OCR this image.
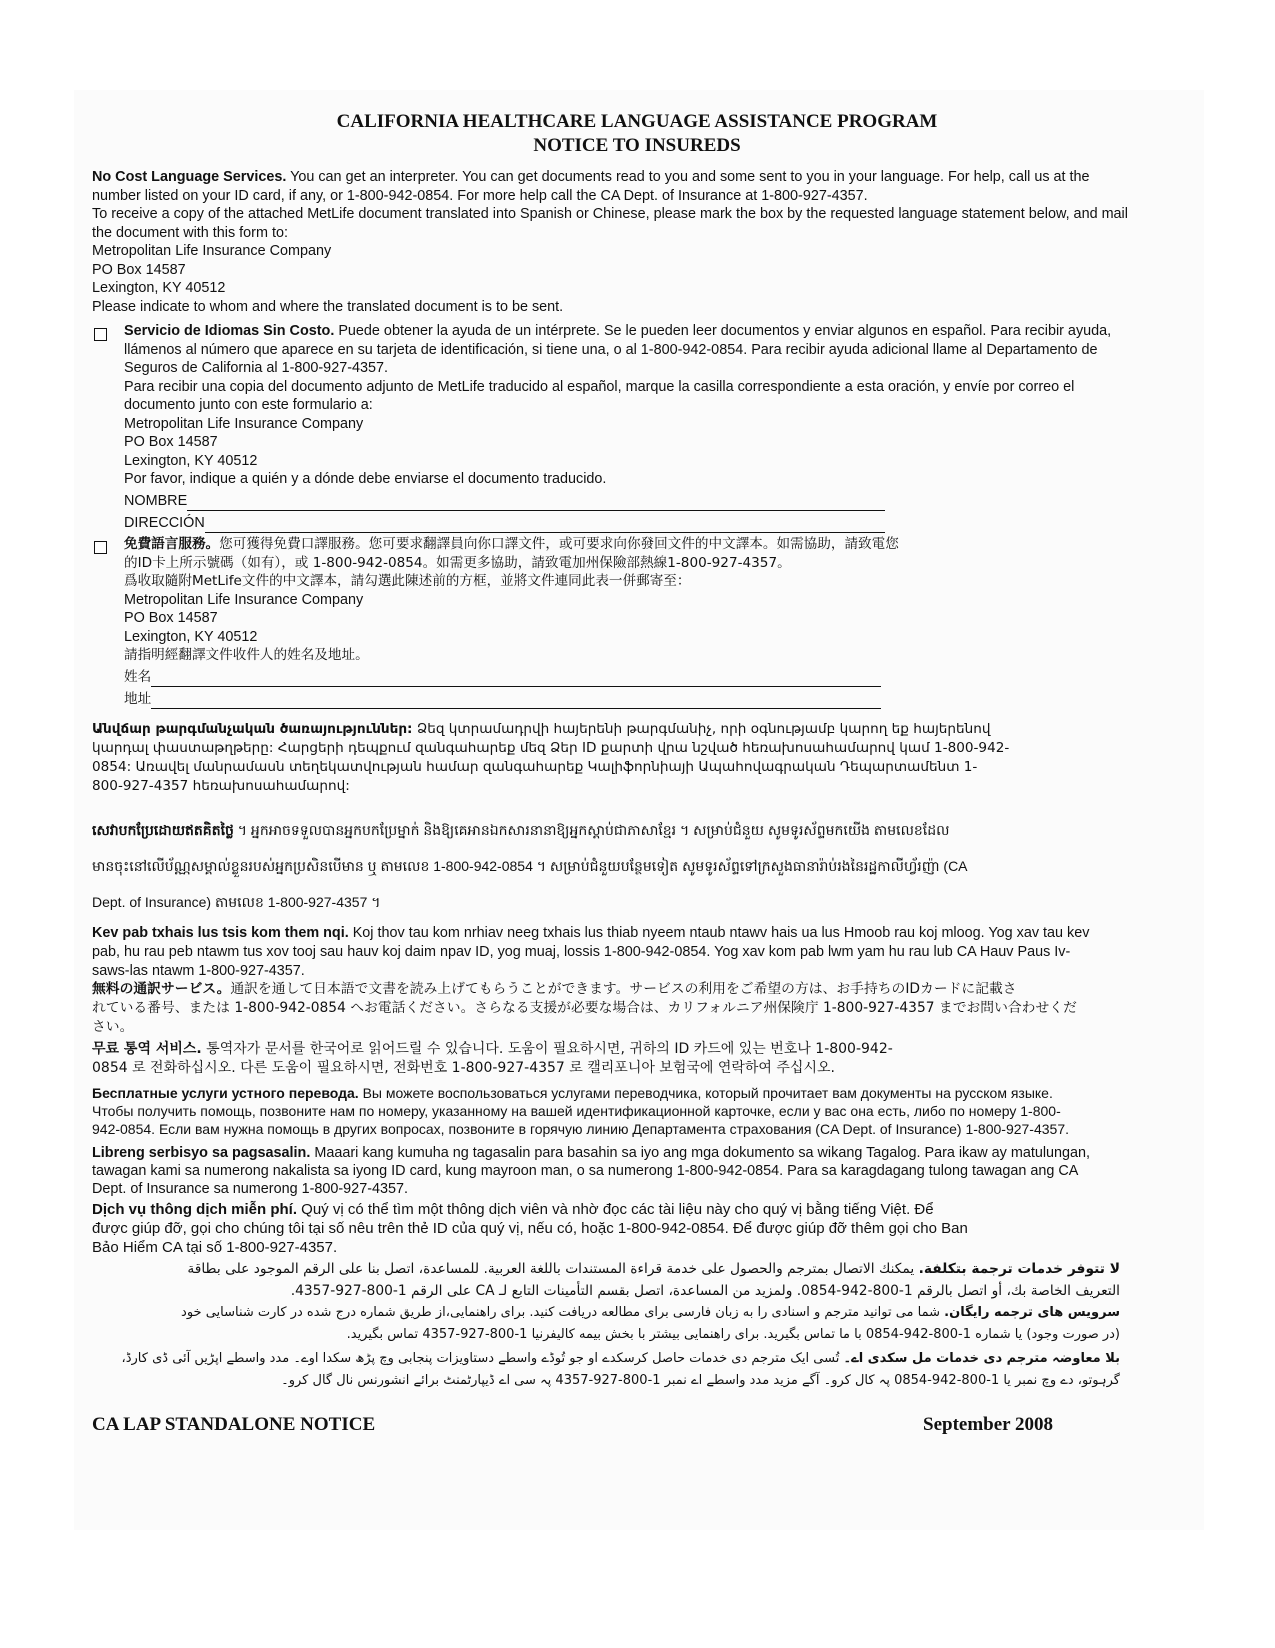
CALIFORNIA HEALTHCARE LANGUAGE ASSISTANCE PROGRAM
NOTICE TO INSUREDS
No Cost Language Services. You can get an interpreter. You can get documents read to you and some sent to you in your language. For help, call us at the
number listed on your ID card, if any, or 1-800-942-0854. For more help call the CA Dept. of Insurance at 1-800-927-4357.
To receive a copy of the attached MetLife document translated into Spanish or Chinese, please mark the box by the requested language statement below, and mail
the document with this form to:
Metropolitan Life Insurance Company
PO Box 14587
Lexington, KY 40512
Please indicate to whom and where the translated document is to be sent.
Servicio de Idiomas Sin Costo. Puede obtener la ayuda de un intérprete. Se le pueden leer documentos y enviar algunos en español. Para recibir ayuda,
llámenos al número que aparece en su tarjeta de identificación, si tiene una, o al 1-800-942-0854. Para recibir ayuda adicional llame al Departamento de
Seguros de California al 1-800-927-4357.
Para recibir una copia del documento adjunto de MetLife traducido al español, marque la casilla correspondiente a esta oración, y envíe por correo el
documento junto con este formulario a:
Metropolitan Life Insurance Company
PO Box 14587
Lexington, KY 40512
Por favor, indique a quién y a dónde debe enviarse el documento traducido.
NOMBRE
DIRECCIÓN
免費語言服務。您可獲得免費口譯服務。您可要求翻譯員向你口譯文件，或可要求向你發回文件的中文譯本。如需協助，請致電您
的ID卡上所示號碼（如有），或 1-800-942-0854。如需更多協助，請致電加州保險部熱線1-800-927-4357。
爲收取隨附MetLife文件的中文譯本，請勾選此陳述前的方框，並將文件連同此表一併郵寄至：
Metropolitan Life Insurance Company
PO Box 14587
Lexington, KY 40512
請指明經翻譯文件收件人的姓名及地址。
姓名
地址
Անվճար թարգմանչական ծառայություններ: Ձեզ կտրամադրվի հայերենի թարգմանիչ, որի օգնությամբ կարող եք հայերենով
կարդալ փաստաթղթերը: Հարցերի դեպքում զանգահարեք մեզ Ձեր ID քարտի վրա նշված հեռախոսահամարով կամ 1-800-942-
0854: Առավել մանրամասն տեղեկատվության համար զանգահարեք Կալիֆորնիայի Ապահովագրական Դեպարտամենտ 1-
800-927-4357 հեռախոսահամարով:
សេវាបកប្រែដោយឥតគិតថ្លៃ ។ អ្នកអាចទទួលបានអ្នកបកប្រែម្នាក់ និងឱ្យគេអានឯកសារនានាឱ្យអ្នកស្តាប់ជាភាសាខ្មែរ ។ សម្រាប់ជំនួយ សូមទូរស័ព្ទមកយើង តាមលេខដែល
មានចុះនៅលើប័ណ្ណសម្គាល់ខ្លួនរបស់អ្នកប្រសិនបើមាន ឬ តាមលេខ 1-800-942-0854 ។ សម្រាប់ជំនួយបន្ថែមទៀត សូមទូរស័ព្ទទៅក្រសួងធានារ៉ាប់រងនៃរដ្ឋកាលីហ្វ័រញ៉ា (CA
Dept. of Insurance) តាមលេខ 1-800-927-4357 ។
Kev pab txhais lus tsis kom them nqi. Koj thov tau kom nrhiav neeg txhais lus thiab nyeem ntaub ntawv hais ua lus Hmoob rau koj mloog. Yog xav tau kev
pab, hu rau peb ntawm tus xov tooj sau hauv koj daim npav ID, yog muaj, lossis 1-800-942-0854. Yog xav kom pab lwm yam hu rau lub CA Hauv Paus Iv-
saws-las ntawm 1-800-927-4357.
無料の通訳サービス。通訳を通して日本語で文書を読み上げてもらうことができます。サービスの利用をご希望の方は、お手持ちのIDカードに記載さ
れている番号、または 1-800-942-0854 へお電話ください。さらなる支援が必要な場合は、カリフォルニア州保険庁 1-800-927-4357 までお問い合わせくだ
さい。
무료 통역 서비스. 통역자가 문서를 한국어로 읽어드릴 수 있습니다. 도움이 필요하시면, 귀하의 ID 카드에 있는 번호나 1-800-942-
0854 로 전화하십시오. 다른 도움이 필요하시면, 전화번호 1-800-927-4357 로 캘리포니아 보험국에 연락하여 주십시오.
Бесплатные услуги устного перевода. Вы можете воспользоваться услугами переводчика, который прочитает вам документы на русском языке.
Чтобы получить помощь, позвоните нам по номеру, указанному на вашей идентификационной карточке, если у вас она есть, либо по номеру 1-800-
942-0854. Если вам нужна помощь в других вопросах, позвоните в горячую линию Департамента страхования (CA Dept. of Insurance) 1-800-927-4357.
Libreng serbisyo sa pagsasalin. Maaari kang kumuha ng tagasalin para basahin sa iyo ang mga dokumento sa wikang Tagalog. Para ikaw ay matulungan,
tawagan kami sa numerong nakalista sa iyong ID card, kung mayroon man, o sa numerong 1-800-942-0854. Para sa karagdagang tulong tawagan ang CA
Dept. of Insurance sa numerong 1-800-927-4357.
Dịch vụ thông dịch miễn phí. Quý vị có thể tìm một thông dịch viên và nhờ đọc các tài liệu này cho quý vị bằng tiếng Việt. Để
được giúp đỡ, gọi cho chúng tôi tại số nêu trên thẻ ID của quý vị, nếu có, hoặc 1-800-942-0854. Để được giúp đỡ thêm gọi cho Ban
Bảo Hiểm CA tại số 1-800-927-4357.
لا تتوفر خدمات ترجمة بتكلفة. يمكنك الاتصال بمترجم والحصول على خدمة قراءة المستندات باللغة العربية. للمساعدة، اتصل بنا على الرقم الموجود على بطاقة
التعريف الخاصة بك، أو اتصل بالرقم 1-800-942-0854. ولمزيد من المساعدة، اتصل بقسم التأمينات التابع لـ CA على الرقم 1-800-927-4357.
سرویس های ترجمه رایگان. شما می توانید مترجم و اسنادی را به زبان فارسی برای مطالعه دریافت کنید. برای راهنمایی،از طریق شماره درج شده در کارت شناسایی خود
(در صورت وجود) یا شماره 1-800-942-0854 با ما تماس بگیرید. برای راهنمایی بیشتر با بخش بیمه کالیفرنیا 1-800-927-4357 تماس بگیرید.
بلا معاوضہ مترجم دی خدمات مل سکدی اے۔ تُسی ایک مترجم دی خدمات حاصل کرسکدے او جو تُوڈے واسطے دستاویزات پنجابی وچ پڑھ سکدا اوے۔ مدد واسطے اپڑیں آئی ڈی کارڈ،
گرہوتو، دے وچ نمبر یا 1-800-942-0854 پہ کال کرو۔ آگے مزید مدد واسطے اے نمبر 1-800-927-4357 پہ سی اے ڈیپارٹمنٹ برائے انشورنس نال گال کرو۔
CA LAP STANDALONE NOTICE	September 2008
